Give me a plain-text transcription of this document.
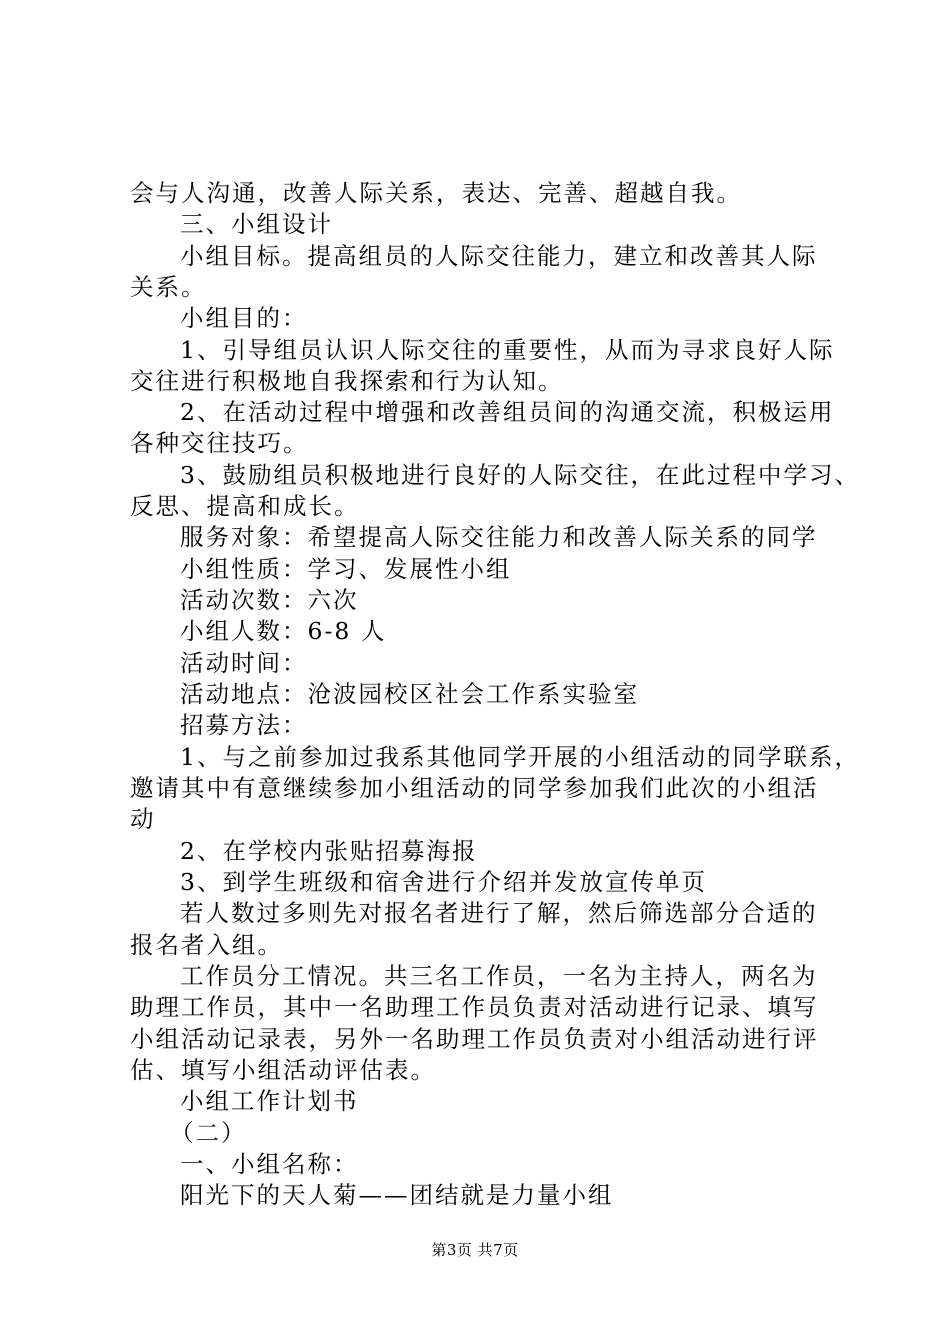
会与人沟通，改善人际关系，表达、完善、超越自我。
三、小组设计
小组目标。提高组员的人际交往能力，建立和改善其人际
关系。
小组目的：
1、引导组员认识人际交往的重要性，从而为寻求良好人际
交往进行积极地自我探索和行为认知。
2、在活动过程中增强和改善组员间的沟通交流，积极运用
各种交往技巧。
3、鼓励组员积极地进行良好的人际交往，在此过程中学习、
反思、提高和成长。
服务对象：希望提高人际交往能力和改善人际关系的同学
小组性质：学习、发展性小组
活动次数：六次
小组人数：6-8 人
活动时间：
活动地点：沧波园校区社会工作系实验室
招募方法：
1、与之前参加过我系其他同学开展的小组活动的同学联系，
邀请其中有意继续参加小组活动的同学参加我们此次的小组活
动
2、在学校内张贴招募海报
3、到学生班级和宿舍进行介绍并发放宣传单页
若人数过多则先对报名者进行了解，然后筛选部分合适的
报名者入组。
工作员分工情况。共三名工作员，一名为主持人，两名为
助理工作员，其中一名助理工作员负责对活动进行记录、填写
小组活动记录表，另外一名助理工作员负责对小组活动进行评
估、填写小组活动评估表。
小组工作计划书
（二）
一、小组名称：
阳光下的天人菊——团结就是力量小组
第3页 共7页
